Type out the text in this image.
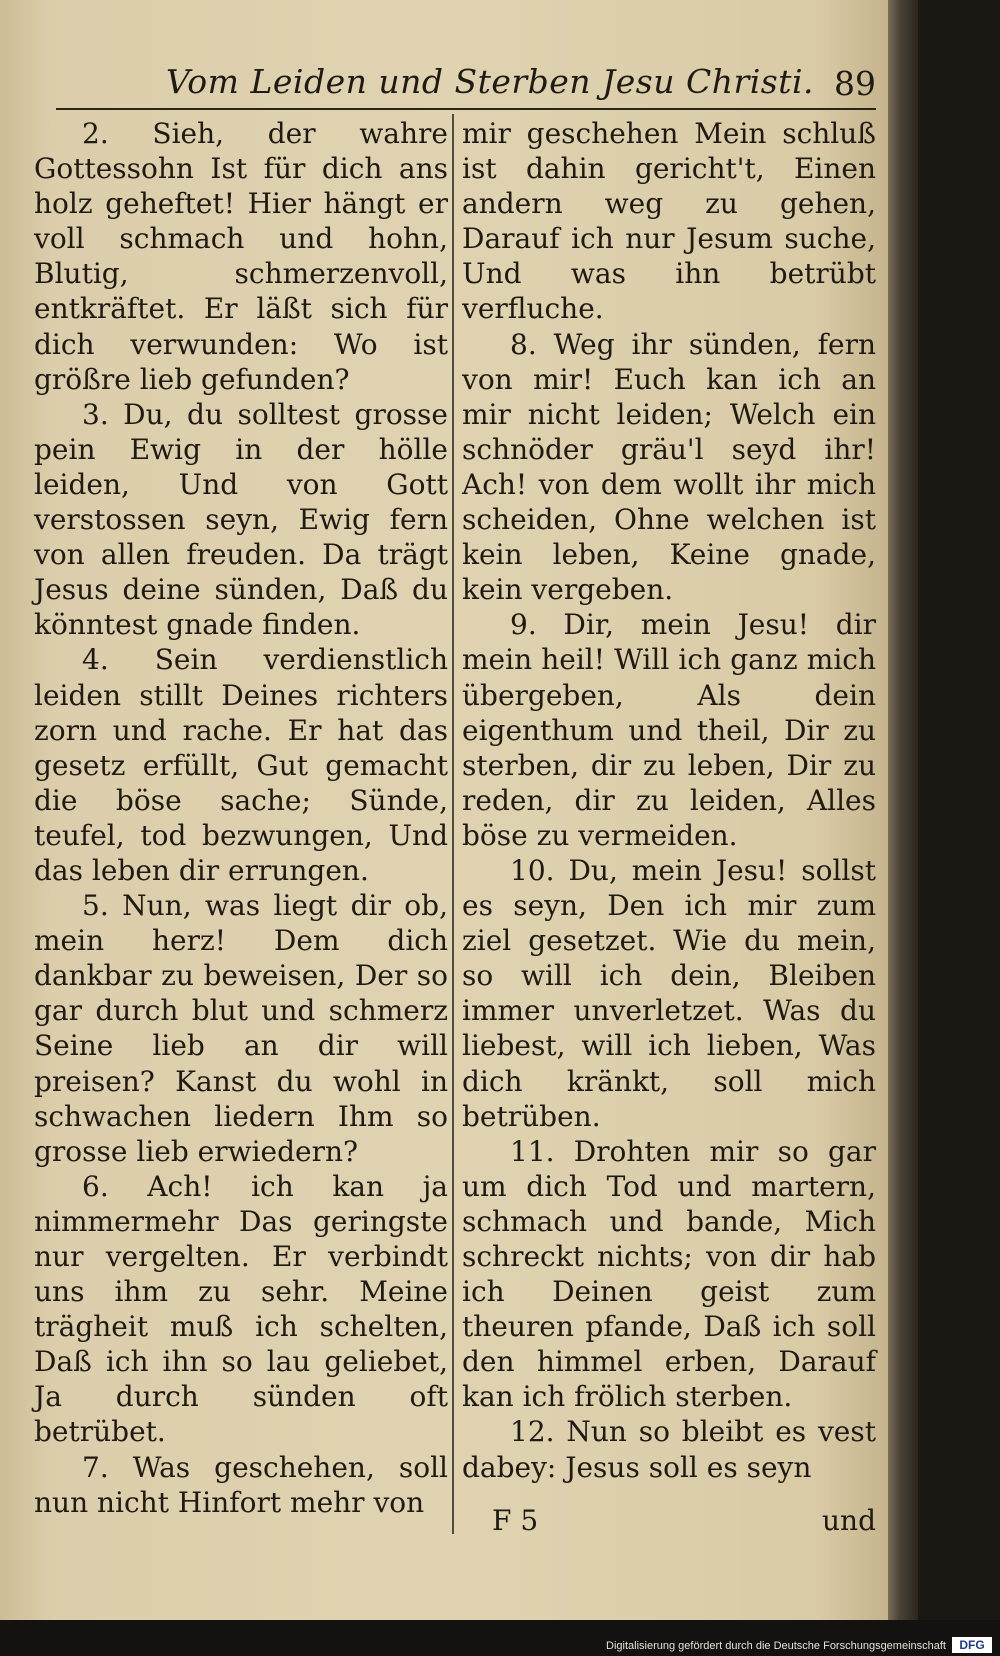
Vom Leiden und Sterben Jesu Christi. 89

2. Sieh, der wahre Gottessohn Ist für dich ans holz geheftet! Hier hängt er voll schmach und hohn, Blutig, schmerzenvoll, entkräftet. Er läßt sich für dich verwunden: Wo ist größre lieb gefunden?

3. Du, du solltest grosse pein Ewig in der hölle leiden, Und von Gott verstossen seyn, Ewig fern von allen freuden. Da trägt Jesus deine sünden, Daß du könntest gnade finden.

4. Sein verdienstlich leiden stillt Deines richters zorn und rache. Er hat das gesetz erfüllt, Gut gemacht die böse sache; Sünde, teufel, tod bezwungen, Und das leben dir errungen.

5. Nun, was liegt dir ob, mein herz! Dem dich dankbar zu beweisen, Der so gar durch blut und schmerz Seine lieb an dir will preisen? Kanst du wohl in schwachen liedern Ihm so grosse lieb erwiedern?

6. Ach! ich kan ja nimmermehr Das geringste nur vergelten. Er verbindt uns ihm zu sehr. Meine trägheit muß ich schelten, Daß ich ihn so lau geliebet, Ja durch sünden oft betrübet.

7. Was geschehen, soll nun nicht Hinfort mehr von

mir geschehen Mein schluß ist dahin gericht't, Einen andern weg zu gehen, Darauf ich nur Jesum suche, Und was ihn betrübt verfluche.

8. Weg ihr sünden, fern von mir! Euch kan ich an mir nicht leiden; Welch ein schnöder gräu'l seyd ihr! Ach! von dem wollt ihr mich scheiden, Ohne welchen ist kein leben, Keine gnade, kein vergeben.

9. Dir, mein Jesu! dir mein heil! Will ich ganz mich übergeben, Als dein eigenthum und theil, Dir zu sterben, dir zu leben, Dir zu reden, dir zu leiden, Alles böse zu vermeiden.

10. Du, mein Jesu! sollst es seyn, Den ich mir zum ziel gesetzet. Wie du mein, so will ich dein, Bleiben immer unverletzet. Was du liebest, will ich lieben, Was dich kränkt, soll mich betrüben.

11. Drohten mir so gar um dich Tod und martern, schmach und bande, Mich schreckt nichts; von dir hab ich Deinen geist zum theuren pfande, Daß ich soll den himmel erben, Darauf kan ich frölich sterben.

12. Nun so bleibt es vest dabey: Jesus soll es seyn

F 5	und
Digitalisierung gefördert durch die Deutsche Forschungsgemeinschaft	DFG
